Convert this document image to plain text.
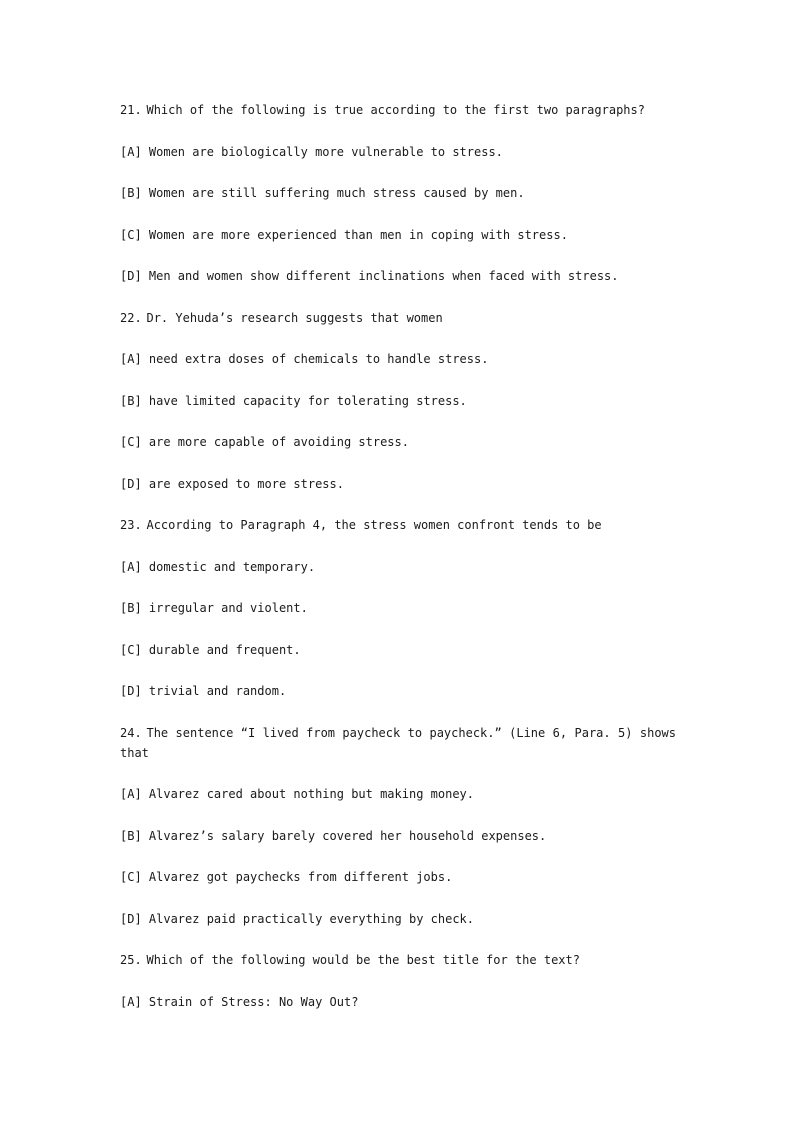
21. Which of the following is true according to the first two paragraphs?

[A] Women are biologically more vulnerable to stress.

[B] Women are still suffering much stress caused by men.

[C] Women are more experienced than men in coping with stress.

[D] Men and women show different inclinations when faced with stress.

22. Dr. Yehuda’s research suggests that women

[A] need extra doses of chemicals to handle stress.

[B] have limited capacity for tolerating stress.

[C] are more capable of avoiding stress.

[D] are exposed to more stress.

23. According to Paragraph 4, the stress women confront tends to be

[A] domestic and temporary.

[B] irregular and violent.

[C] durable and frequent.

[D] trivial and random.

24. The sentence “I lived from paycheck to paycheck.” (Line 6, Para. 5) shows that

[A] Alvarez cared about nothing but making money.

[B] Alvarez’s salary barely covered her household expenses.

[C] Alvarez got paychecks from different jobs.

[D] Alvarez paid practically everything by check.

25. Which of the following would be the best title for the text?

[A] Strain of Stress: No Way Out?
